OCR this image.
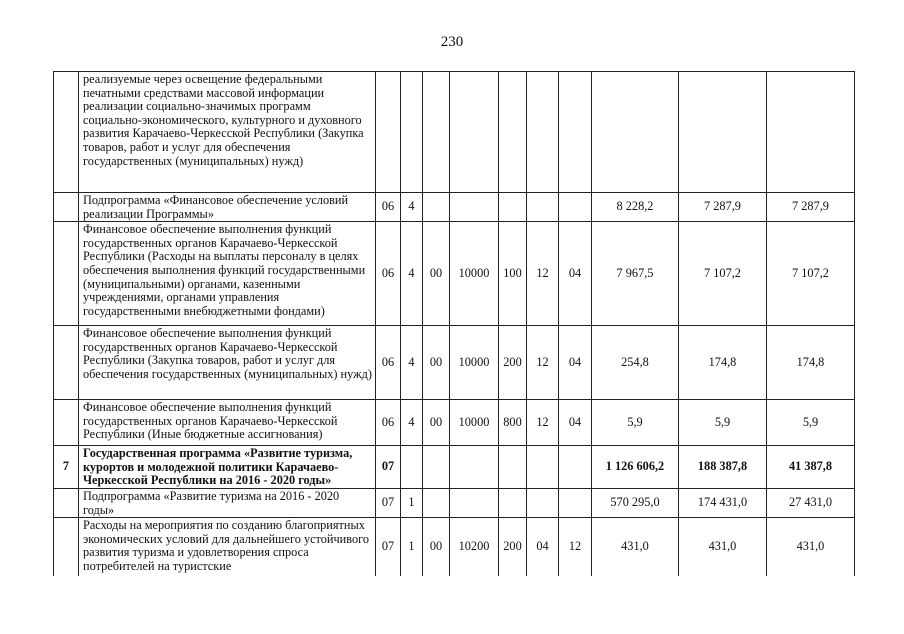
230
	реализуемые через освещение федеральными печатными средствами массовой информации реализации социально-значимых программ социально-экономического, культурного и духовного развития Карачаево-Черкесской Республики (Закупка товаров, работ и услуг для обеспечения государственных (муниципальных) нужд)										
	Подпрограмма «Финансовое обеспечение условий реализации Программы»	06	4						8 228,2	7 287,9	7 287,9
	Финансовое обеспечение выполнения функций государственных органов Карачаево-Черкесской Республики (Расходы на выплаты персоналу в целях обеспечения выполнения функций государственными (муниципальными) органами, казенными учреждениями, органами управления государственными внебюджетными фондами)	06	4	00	10000	100	12	04	7 967,5	7 107,2	7 107,2
	Финансовое обеспечение выполнения функций государственных органов Карачаево-Черкесской Республики (Закупка товаров, работ и услуг для обеспечения государственных (муниципальных) нужд)	06	4	00	10000	200	12	04	254,8	174,8	174,8
	Финансовое обеспечение выполнения функций государственных органов Карачаево-Черкесской Республики (Иные бюджетные ассигнования)	06	4	00	10000	800	12	04	5,9	5,9	5,9
7	Государственная программа «Развитие туризма, курортов и молодежной политики Карачаево-Черкесской Республики на 2016 - 2020 годы»	07							1 126 606,2	188 387,8	41 387,8
	Подпрограмма «Развитие туризма на 2016 - 2020 годы»	07	1						570 295,0	174 431,0	27 431,0
	Расходы на мероприятия по созданию благоприятных экономических условий для дальнейшего устойчивого развития туризма и удовлетворения спроса потребителей на туристские	07	1	00	10200	200	04	12	431,0	431,0	431,0
